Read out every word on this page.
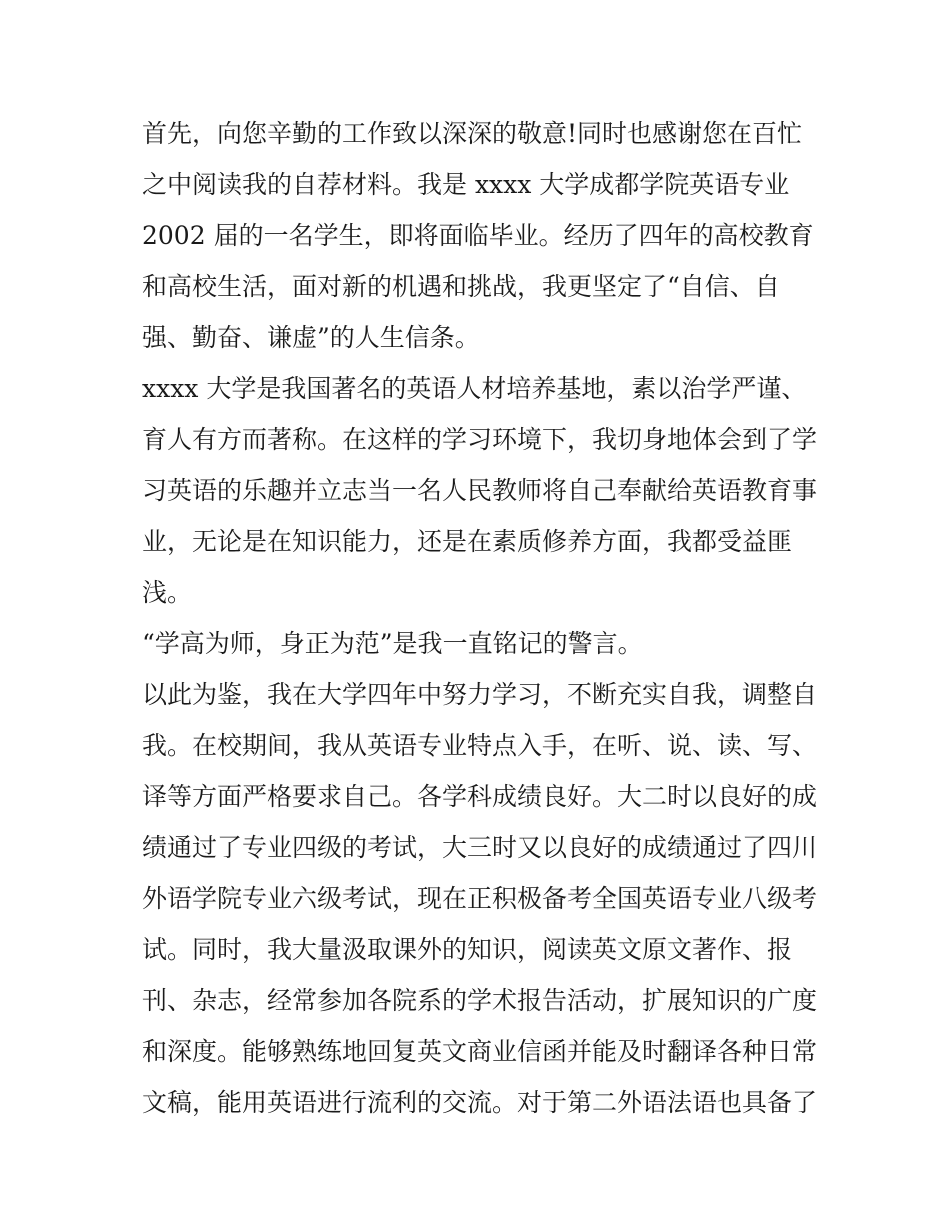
首先，向您辛勤的工作致以深深的敬意!同时也感谢您在百忙

之中阅读我的自荐材料。我是 xxxx 大学成都学院英语专业

2002 届的一名学生，即将面临毕业。经历了四年的高校教育

和高校生活，面对新的机遇和挑战，我更坚定了“自信、自

强、勤奋、谦虚”的人生信条。

xxxx 大学是我国著名的英语人材培养基地，素以治学严谨、

育人有方而著称。在这样的学习环境下，我切身地体会到了学

习英语的乐趣并立志当一名人民教师将自己奉献给英语教育事

业，无论是在知识能力，还是在素质修养方面，我都受益匪

浅。

“学高为师，身正为范”是我一直铭记的警言。

以此为鉴，我在大学四年中努力学习，不断充实自我，调整自

我。在校期间，我从英语专业特点入手，在听、说、读、写、

译等方面严格要求自己。各学科成绩良好。大二时以良好的成

绩通过了专业四级的考试，大三时又以良好的成绩通过了四川

外语学院专业六级考试，现在正积极备考全国英语专业八级考

试。同时，我大量汲取课外的知识，阅读英文原文著作、报

刊、杂志，经常参加各院系的学术报告活动，扩展知识的广度

和深度。能够熟练地回复英文商业信函并能及时翻译各种日常

文稿，能用英语进行流利的交流。对于第二外语法语也具备了
